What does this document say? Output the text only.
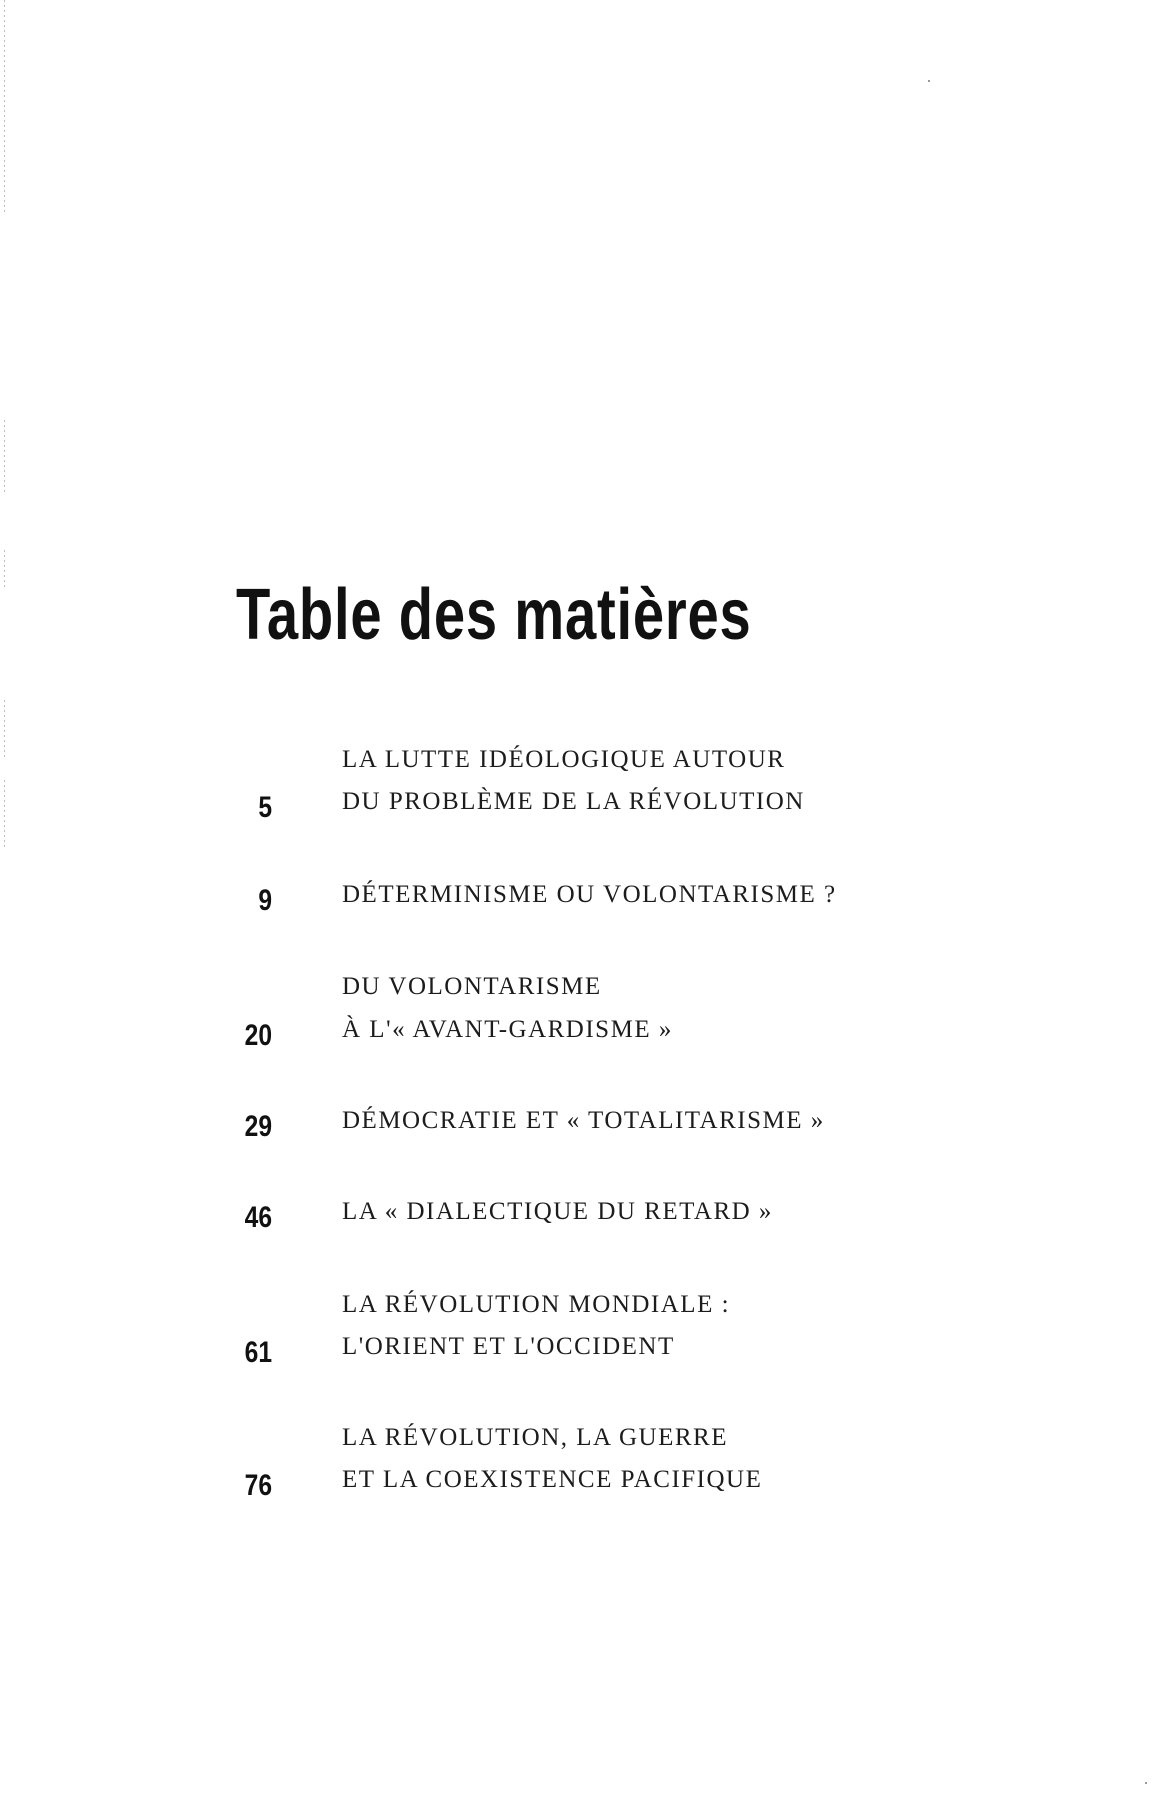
Table des matières
LA LUTTE IDÉOLOGIQUE AUTOUR
DU PROBLÈME DE LA RÉVOLUTION
5
DÉTERMINISME OU VOLONTARISME ?
9
DU VOLONTARISME
À L'« AVANT-GARDISME »
20
DÉMOCRATIE ET « TOTALITARISME »
29
LA « DIALECTIQUE DU RETARD »
46
LA RÉVOLUTION MONDIALE :
L'ORIENT ET L'OCCIDENT
61
LA RÉVOLUTION, LA GUERRE
ET LA COEXISTENCE PACIFIQUE
76
